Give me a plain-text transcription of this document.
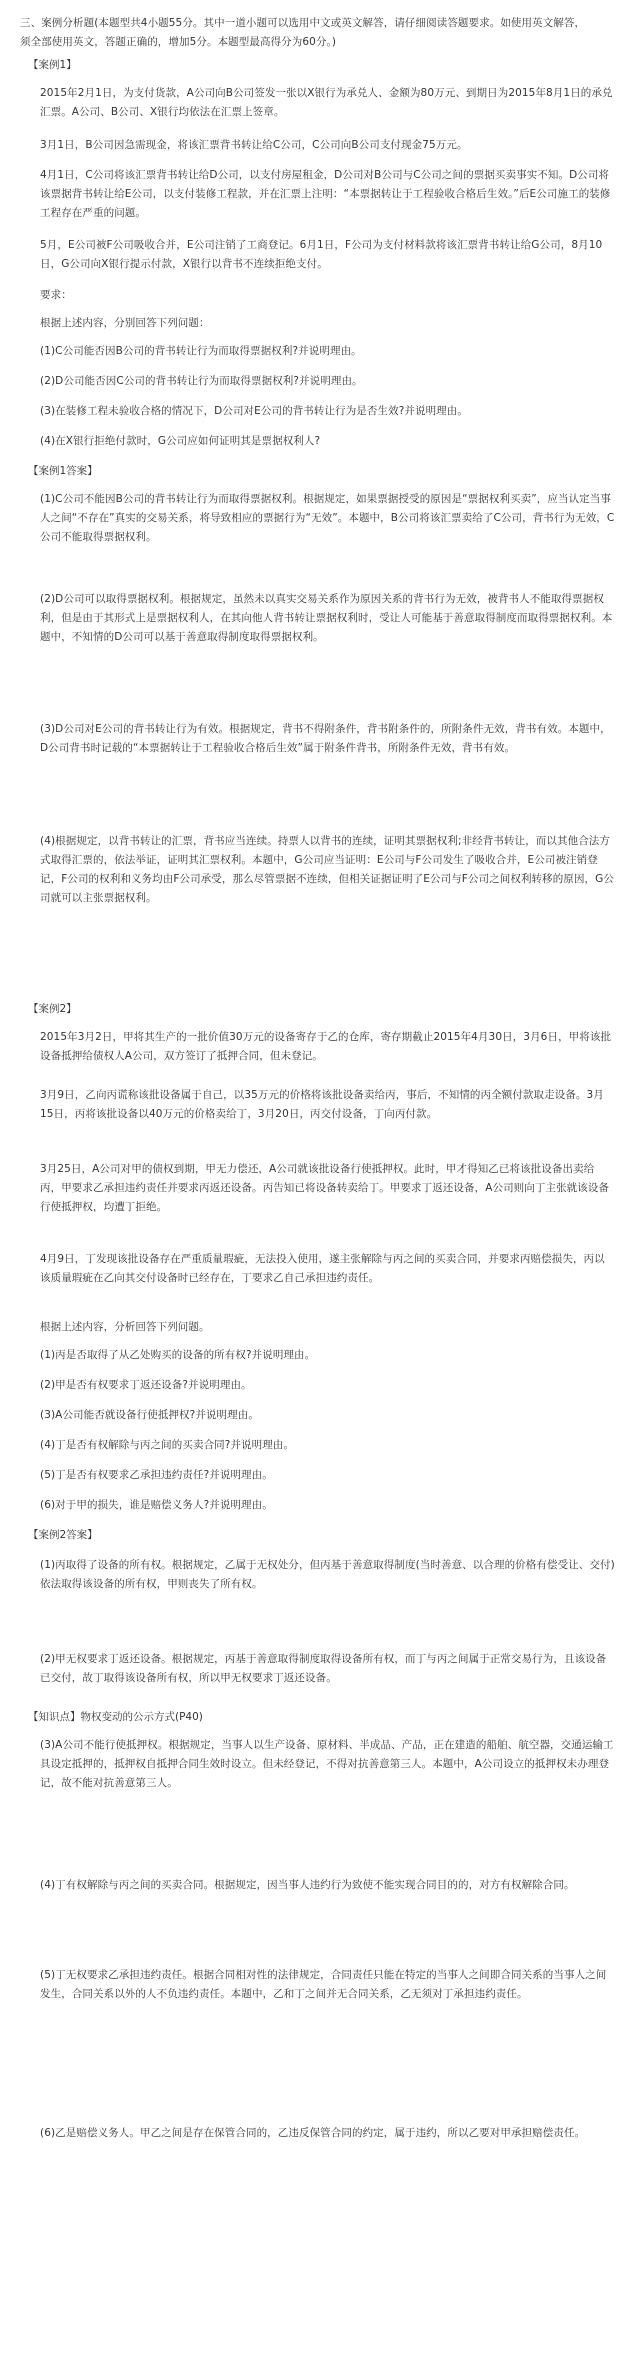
三、案例分析题(本题型共4小题55分。其中一道小题可以选用中文或英文解答，请仔细阅读答题要求。如使用英文解答，须全部使用英文，答题正确的，增加5分。本题型最高得分为60分。)

【案例1】

2015年2月1日，为支付货款，A公司向B公司签发一张以X银行为承兑人、金额为80万元、到期日为2015年8月1日的承兑汇票。A公司、B公司、X银行均依法在汇票上签章。

3月1日，B公司因急需现金，将该汇票背书转让给C公司，C公司向B公司支付现金75万元。

4月1日，C公司将该汇票背书转让给D公司，以支付房屋租金，D公司对B公司与C公司之间的票据买卖事实不知。D公司将该票据背书转让给E公司，以支付装修工程款，并在汇票上注明：“本票据转让于工程验收合格后生效。”后E公司施工的装修工程存在严重的问题。

5月，E公司被F公司吸收合并，E公司注销了工商登记。6月1日，F公司为支付材料款将该汇票背书转让给G公司，8月10日，G公司向X银行提示付款，X银行以背书不连续拒绝支付。

要求：

根据上述内容，分别回答下列问题：

(1)C公司能否因B公司的背书转让行为而取得票据权利?并说明理由。

(2)D公司能否因C公司的背书转让行为而取得票据权利?并说明理由。

(3)在装修工程未验收合格的情况下，D公司对E公司的背书转让行为是否生效?并说明理由。

(4)在X银行拒绝付款时，G公司应如何证明其是票据权利人?

【案例1答案】

(1)C公司不能因B公司的背书转让行为而取得票据权利。根据规定，如果票据授受的原因是“票据权利买卖”，应当认定当事人之间“不存在”真实的交易关系，将导致相应的票据行为“无效”。本题中，B公司将该汇票卖给了C公司，背书行为无效，C公司不能取得票据权利。

(2)D公司可以取得票据权利。根据规定，虽然未以真实交易关系作为原因关系的背书行为无效，被背书人不能取得票据权利，但是由于其形式上是票据权利人，在其向他人背书转让票据权利时，受让人可能基于善意取得制度而取得票据权利。本题中，不知情的D公司可以基于善意取得制度取得票据权利。

(3)D公司对E公司的背书转让行为有效。根据规定，背书不得附条件，背书附条件的，所附条件无效，背书有效。本题中，D公司背书时记载的“本票据转让于工程验收合格后生效”属于附条件背书，所附条件无效，背书有效。

(4)根据规定，以背书转让的汇票，背书应当连续。持票人以背书的连续，证明其票据权利;非经背书转让，而以其他合法方式取得汇票的，依法举证，证明其汇票权利。本题中，G公司应当证明：E公司与F公司发生了吸收合并，E公司被注销登记，F公司的权利和义务均由F公司承受，那么尽管票据不连续，但相关证据证明了E公司与F公司之间权利转移的原因，G公司就可以主张票据权利。

【案例2】

2015年3月2日，甲将其生产的一批价值30万元的设备寄存于乙的仓库，寄存期截止2015年4月30日，3月6日，甲将该批设备抵押给债权人A公司，双方签订了抵押合同，但未登记。

3月9日，乙向丙谎称该批设备属于自己，以35万元的价格将该批设备卖给丙，事后，不知情的丙全额付款取走设备。3月15日，丙将该批设备以40万元的价格卖给丁，3月20日，丙交付设备，丁向丙付款。

3月25日，A公司对甲的债权到期，甲无力偿还，A公司就该批设备行使抵押权。此时，甲才得知乙已将该批设备出卖给丙，甲要求乙承担违约责任并要求丙返还设备。丙告知已将设备转卖给丁。甲要求丁返还设备，A公司则向丁主张就该设备行使抵押权，均遭丁拒绝。

4月9日，丁发现该批设备存在严重质量瑕疵，无法投入使用，遂主张解除与丙之间的买卖合同，并要求丙赔偿损失，丙以该质量瑕疵在乙向其交付设备时已经存在，丁要求乙自己承担违约责任。

根据上述内容，分析回答下列问题。

(1)丙是否取得了从乙处购买的设备的所有权?并说明理由。

(2)甲是否有权要求丁返还设备?并说明理由。

(3)A公司能否就设备行使抵押权?并说明理由。

(4)丁是否有权解除与丙之间的买卖合同?并说明理由。

(5)丁是否有权要求乙承担违约责任?并说明理由。

(6)对于甲的损失，谁是赔偿义务人?并说明理由。

【案例2答案】

(1)丙取得了设备的所有权。根据规定，乙属于无权处分，但丙基于善意取得制度(当时善意、以合理的价格有偿受让、交付)依法取得该设备的所有权，甲则丧失了所有权。

(2)甲无权要求丁返还设备。根据规定，丙基于善意取得制度取得设备所有权，而丁与丙之间属于正常交易行为，且该设备已交付，故丁取得该设备所有权，所以甲无权要求丁返还设备。

【知识点】物权变动的公示方式(P40)

(3)A公司不能行使抵押权。根据规定，当事人以生产设备、原材料、半成品、产品，正在建造的船舶、航空器，交通运输工具设定抵押的，抵押权自抵押合同生效时设立。但未经登记，不得对抗善意第三人。本题中，A公司设立的抵押权未办理登记，故不能对抗善意第三人。

(4)丁有权解除与丙之间的买卖合同。根据规定，因当事人违约行为致使不能实现合同目的的，对方有权解除合同。

(5)丁无权要求乙承担违约责任。根据合同相对性的法律规定，合同责任只能在特定的当事人之间即合同关系的当事人之间发生，合同关系以外的人不负违约责任。本题中，乙和丁之间并无合同关系，乙无须对丁承担违约责任。

(6)乙是赔偿义务人。甲乙之间是存在保管合同的，乙违反保管合同的约定，属于违约，所以乙要对甲承担赔偿责任。
